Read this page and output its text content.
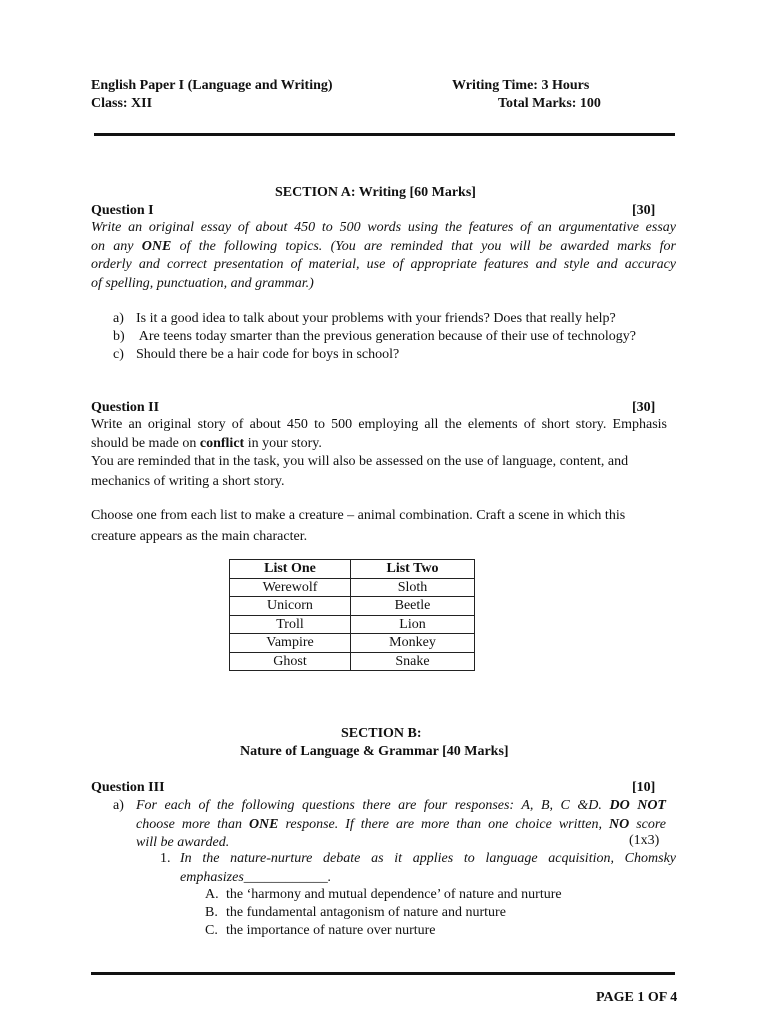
English Paper I (Language and Writing)
Class: XII
Writing Time: 3 Hours
Total Marks: 100
SECTION A: Writing [60 Marks]
Question I	[30]
Write an original essay of about 450 to 500 words using the features of an argumentative essay
on any ONE of the following topics. (You are reminded that you will be awarded marks for
orderly and correct presentation of material, use of appropriate features and style and accuracy
of spelling, punctuation, and grammar.)
a) Is it a good idea to talk about your problems with your friends? Does that really help?
b) Are teens today smarter than the previous generation because of their use of technology?
c) Should there be a hair code for boys in school?
Question II	[30]
Write an original story of about 450 to 500 employing all the elements of short story. Emphasis
should be made on conflict in your story.
You are reminded that in the task, you will also be assessed on the use of language, content, and
mechanics of writing a short story.
Choose one from each list to make a creature – animal combination. Craft a scene in which this
creature appears as the main character.
List One	List Two
Werewolf	Sloth
Unicorn	Beetle
Troll	Lion
Vampire	Monkey
Ghost	Snake
SECTION B:
Nature of Language & Grammar [40 Marks]
Question III	[10]
a) For each of the following questions there are four responses: A, B, C &D. DO NOT
choose more than ONE response. If there are more than one choice written, NO score
will be awarded.	(1x3)
1. In the nature-nurture debate as it applies to language acquisition, Chomsky
emphasizes____________.
A. the ‘harmony and mutual dependence’ of nature and nurture
B. the fundamental antagonism of nature and nurture
C. the importance of nature over nurture
PAGE 1 OF 4
